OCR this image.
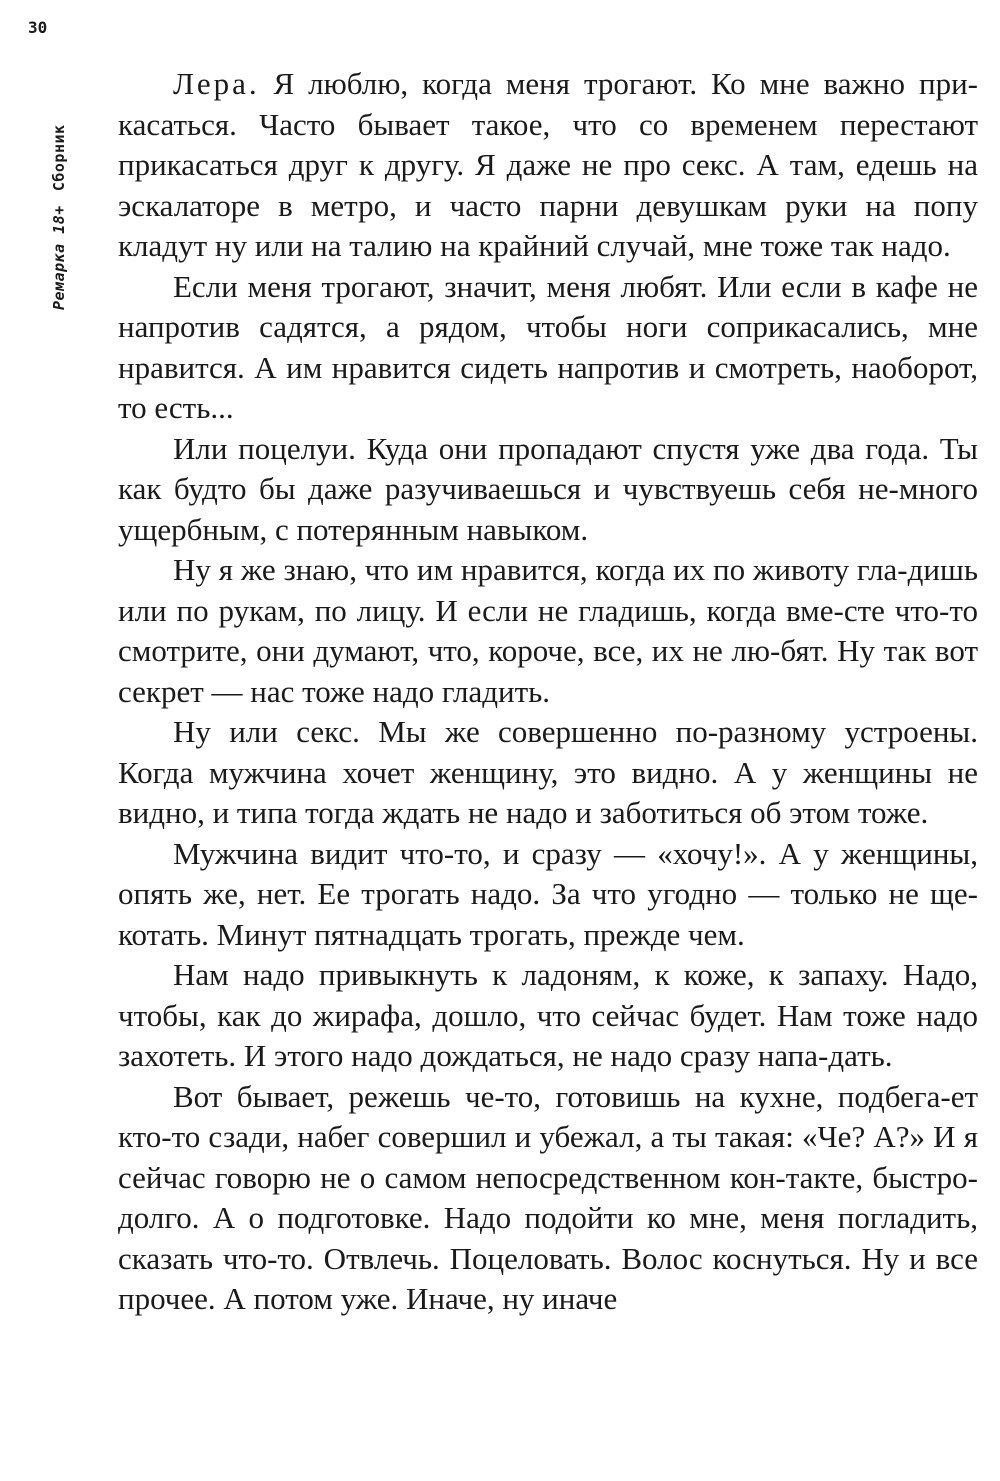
30
Ремарка 18+Сборник

Лера. Я люблю, когда меня трогают. Ко мне важно при-касаться. Часто бывает такое, что со временем перестают прикасаться друг к другу. Я даже не про секс. А там, едешь на эскалаторе в метро, и часто парни девушкам руки на попу кладут ну или на талию на крайний случай, мне тоже так надо.

Если меня трогают, значит, меня любят. Или если в кафе не напротив садятся, а рядом, чтобы ноги соприкасались, мне нравится. А им нравится сидеть напротив и смотреть, наоборот, то есть...

Или поцелуи. Куда они пропадают спустя уже два года. Ты как будто бы даже разучиваешься и чувствуешь себя не-много ущербным, с потерянным навыком.

Ну я же знаю, что им нравится, когда их по животу гла-дишь или по рукам, по лицу. И если не гладишь, когда вме-сте что-то смотрите, они думают, что, короче, все, их не лю-бят. Ну так вот секрет — нас тоже надо гладить.

Ну или секс. Мы же совершенно по-разному устроены. Когда мужчина хочет женщину, это видно. А у женщины не видно, и типа тогда ждать не надо и заботиться об этом тоже.

Мужчина видит что-то, и сразу — «хочу!». А у женщины, опять же, нет. Ее трогать надо. За что угодно — только не ще-котать. Минут пятнадцать трогать, прежде чем.

Нам надо привыкнуть к ладоням, к коже, к запаху. Надо, чтобы, как до жирафа, дошло, что сейчас будет. Нам тоже надо захотеть. И этого надо дождаться, не надо сразу напа-дать.

Вот бывает, режешь че-то, готовишь на кухне, подбега-ет кто-то сзади, набег совершил и убежал, а ты такая: «Че? А?» И я сейчас говорю не о самом непосредственном кон-такте, быстро-долго. А о подготовке. Надо подойти ко мне, меня погладить, сказать что-то. Отвлечь. Поцеловать. Волос коснуться. Ну и все прочее. А потом уже. Иначе, ну иначе
